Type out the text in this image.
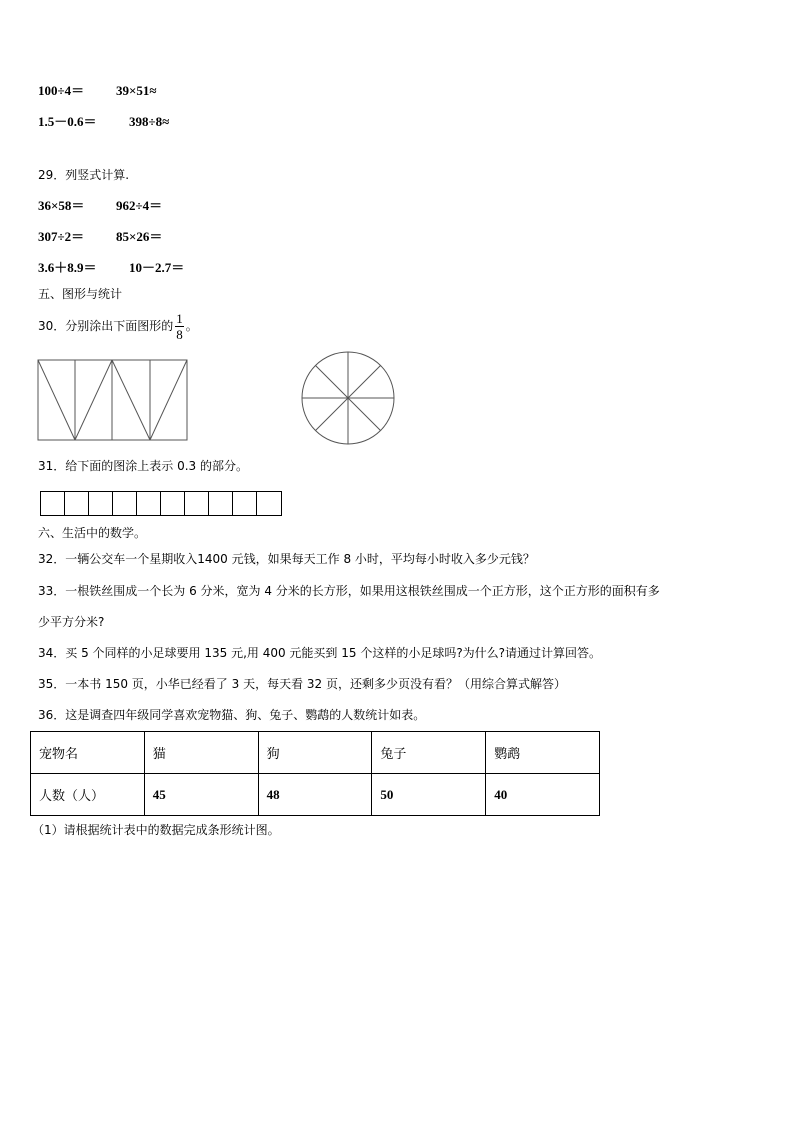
100÷4＝ 39×51≈
1.5－0.6＝ 398÷8≈
29．列竖式计算.
36×58＝ 962÷4＝
307÷2＝ 85×26＝
3.6＋8.9＝ 10－2.7＝
五、图形与统计
30．分别涂出下面图形的 $\frac{1}{8}$ 。
31．给下面的图涂上表示 0.3 的部分。
六、生活中的数学。
32．一辆公交车一个星期收入1400 元钱，如果每天工作 8 小时，平均每小时收入多少元钱？
33．一根铁丝围成一个长为 6 分米，宽为 4 分米的长方形，如果用这根铁丝围成一个正方形，这个正方形的面积有多
少平方分米?
34．买 5 个同样的小足球要用 135 元,用 400 元能买到 15 个这样的小足球吗?为什么?请通过计算回答。
35．一本书 150 页，小华已经看了 3 天，每天看 32 页，还剩多少页没有看？（用综合算式解答）
36．这是调查四年级同学喜欢宠物猫、狗、兔子、鹦鹉的人数统计如表。
宠物名	猫	狗	兔子	鹦鹉
人数（人）	45	48	50	40
（1）请根据统计表中的数据完成条形统计图。
